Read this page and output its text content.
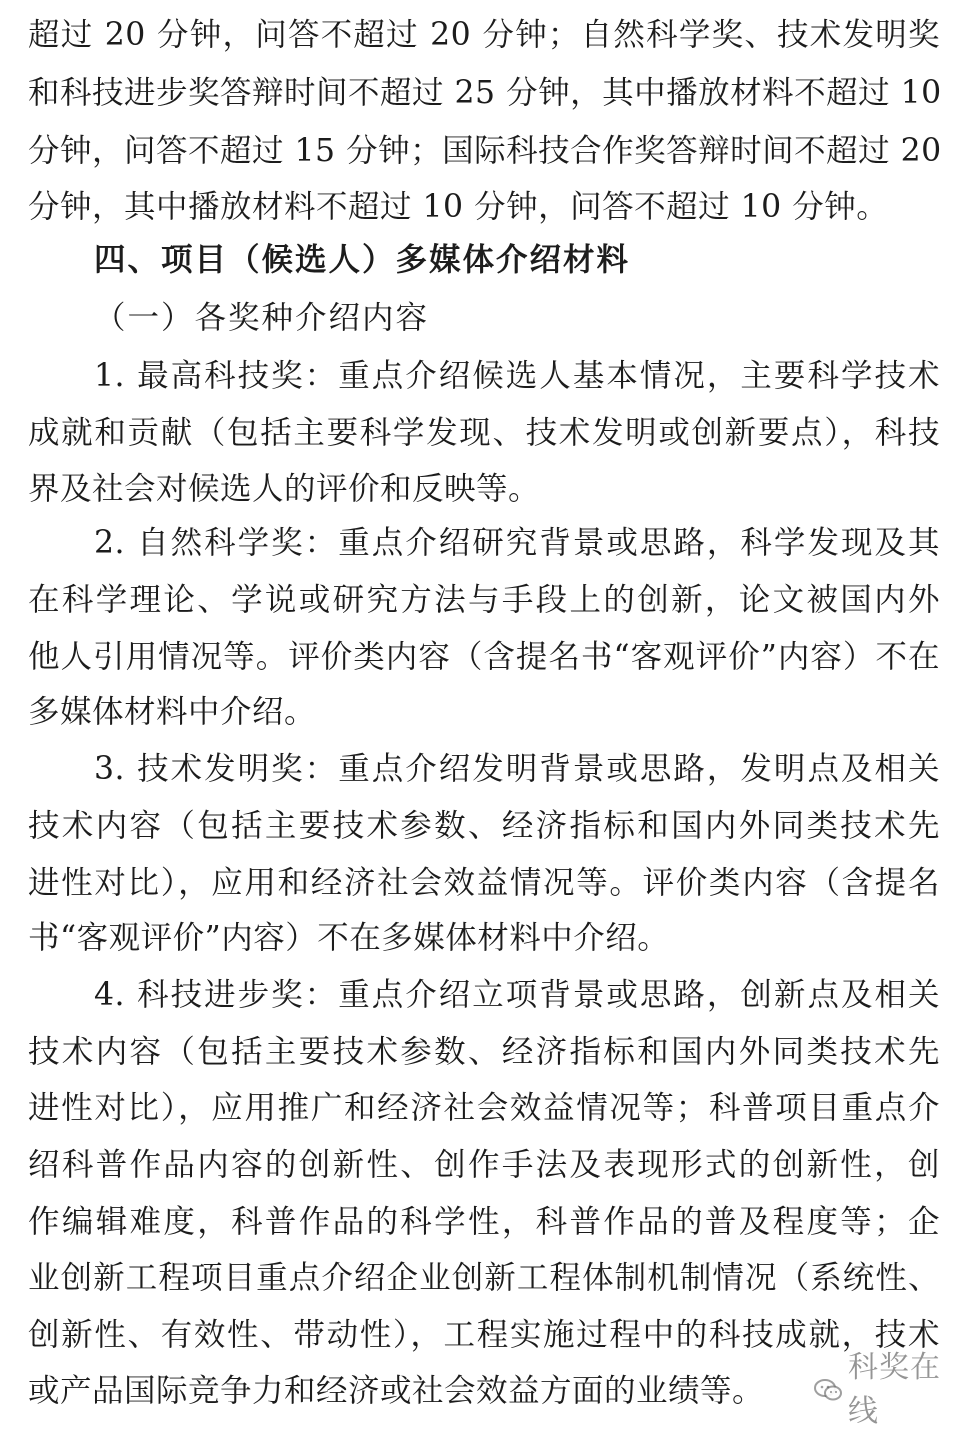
超过 20 分钟，问答不超过 20 分钟；自然科学奖、技术发明奖
和科技进步奖答辩时间不超过 25 分钟，其中播放材料不超过 10
分钟，问答不超过 15 分钟；国际科技合作奖答辩时间不超过 20
分钟，其中播放材料不超过 10 分钟，问答不超过 10 分钟。
四、项目（候选人）多媒体介绍材料
（一）各奖种介绍内容
1. 最高科技奖：重点介绍候选人基本情况，主要科学技术
成就和贡献（包括主要科学发现、技术发明或创新要点），科技
界及社会对候选人的评价和反映等。
2. 自然科学奖：重点介绍研究背景或思路，科学发现及其
在科学理论、学说或研究方法与手段上的创新，论文被国内外
他人引用情况等。评价类内容（含提名书“客观评价”内容）不在
多媒体材料中介绍。
3. 技术发明奖：重点介绍发明背景或思路，发明点及相关
技术内容（包括主要技术参数、经济指标和国内外同类技术先
进性对比），应用和经济社会效益情况等。评价类内容（含提名
书“客观评价”内容）不在多媒体材料中介绍。
4. 科技进步奖：重点介绍立项背景或思路，创新点及相关
技术内容（包括主要技术参数、经济指标和国内外同类技术先
进性对比），应用推广和经济社会效益情况等；科普项目重点介
绍科普作品内容的创新性、创作手法及表现形式的创新性，创
作编辑难度，科普作品的科学性，科普作品的普及程度等；企
业创新工程项目重点介绍企业创新工程体制机制情况（系统性、
创新性、有效性、带动性），工程实施过程中的科技成就，技术
或产品国际竞争力和经济或社会效益方面的业绩等。
科奖在线
